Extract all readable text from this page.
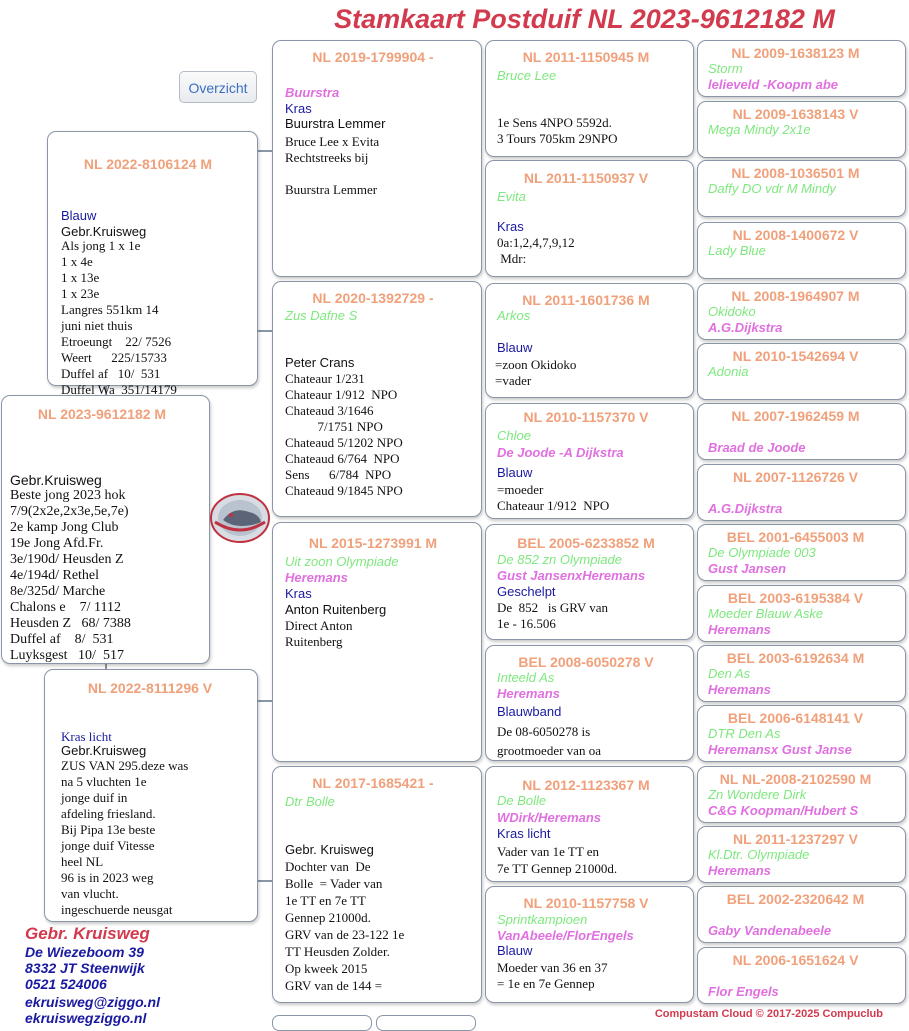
Stamkaart Postduif NL 2023-9612182 M
Overzicht
NL 2023-9612182 M
Gebr.Kruisweg
Beste jong 2023 hok
7/9(2x2e,2x3e,5e,7e)
2e kamp Jong Club
19e Jong Afd.Fr.
3e/190d/ Heusden Z
4e/194d/ Rethel
8e/325d/ Marche
Chalons e    7/ 1112
Heusden Z   68/ 7388
Duffel af    8/  531
Luyksgest   10/  517
NL 2022-8106124 M
Blauw
Gebr.Kruisweg
Als jong 1 x 1e
1 x 4e
1 x 13e
1 x 23e
Langres 551km 14
juni niet thuis
Etroeungt    22/ 7526
Weert      225/15733
Duffel af   10/  531
Duffel Wa  351/14179
NL 2022-8111296 V
Kras licht
Gebr.Kruisweg
ZUS VAN 295.deze was
na 5 vluchten 1e
jonge duif in
afdeling friesland.
Bij Pipa 13e beste
jonge duif Vitesse
heel NL
96 is in 2023 weg
van vlucht.
ingeschuerde neusgat
NL 2019-1799904 -
Buurstra
Kras
Buurstra Lemmer
Bruce Lee x Evita
Rechtstreeks bij

Buurstra Lemmer
NL 2020-1392729 -
Zus Dafne S
Peter Crans
Chateaur 1/231
Chateaur 1/912  NPO
Chateaud 3/1646
7/1751 NPO
Chateaud 5/1202 NPO
Chateaud 6/764  NPO
Sens      6/784  NPO
Chateaud 9/1845 NPO
NL 2015-1273991 M
Uit zoon Olympiade
Heremans
Kras
Anton Ruitenberg
Direct Anton
Ruitenberg
NL 2017-1685421 -
Dtr Bolle
Gebr. Kruisweg
Dochter van  De
Bolle  = Vader van
1e TT en 7e TT
Gennep 21000d.
GRV van de 23-122 1e
TT Heusden Zolder.
Op kweek 2015
GRV van de 144 =
NL 2011-1150945 M
Bruce Lee
1e Sens 4NPO 5592d.
3 Tours 705km 29NPO
NL 2011-1150937 V
Evita
Kras
0a:1,2,4,7,9,12
Mdr:
NL 2011-1601736 M
Arkos
Blauw
=zoon Okidoko
=vader
NL 2010-1157370 V
Chloe
De Joode -A Dijkstra
Blauw
=moeder
Chateaur 1/912  NPO
BEL 2005-6233852 M
De 852 zn Olympiade
Gust JansenxHeremans
Geschelpt
De  852   is GRV van
1e - 16.506
BEL 2008-6050278 V
Inteeld As
Heremans
Blauwband
De 08-6050278 is
grootmoeder van oa
NL 2012-1123367 M
De Bolle
WDirk/Heremans
Kras licht
Vader van 1e TT en
7e TT Gennep 21000d.
NL 2010-1157758 V
Sprintkampioen
VanAbeele/FlorEngels
Blauw
Moeder van 36 en 37
= 1e en 7e Gennep
NL 2009-1638123 M
Storm
lelieveld -Koopm abe
NL 2009-1638143 V
Mega Mindy 2x1e
NL 2008-1036501 M
Daffy DO vdr M Mindy
NL 2008-1400672 V
Lady Blue
NL 2008-1964907 M
Okidoko
A.G.Dijkstra
NL 2010-1542694 V
Adonia
NL 2007-1962459 M
Braad de Joode
NL 2007-1126726 V
A.G.Dijkstra
BEL 2001-6455003 M
De Olympiade 003
Gust Jansen
BEL 2003-6195384 V
Moeder Blauw Aske
Heremans
BEL 2003-6192634 M
Den As
Heremans
BEL 2006-6148141 V
DTR Den As
Heremansx Gust Janse
NL NL-2008-2102590 M
Zn Wondere Dirk
C&G Koopman/Hubert S
NL 2011-1237297 V
Kl.Dtr. Olympiade
Heremans
BEL 2002-2320642 M
Gaby Vandenabeele
NL 2006-1651624 V
Flor Engels
Gebr. Kruisweg
De Wiezeboom 39
8332 JT Steenwijk
0521 524006
ekruisweg@ziggo.nl
ekruiswegziggo.nl	Compustam Cloud © 2017-2025 Compuclub
